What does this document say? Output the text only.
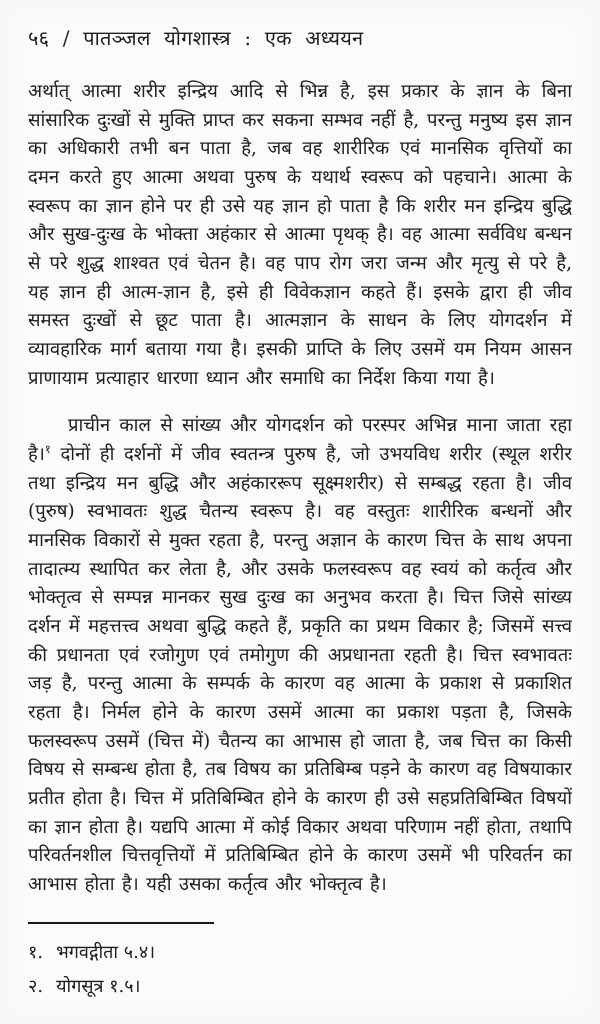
५६ / पातञ्जल योगशास्त्र : एक अध्ययन

अर्थात् आत्मा शरीर इन्द्रिय आदि से भिन्न है, इस प्रकार के ज्ञान के बिना सांसारिक दुःखों से मुक्ति प्राप्त कर सकना सम्भव नहीं है, परन्तु मनुष्य इस ज्ञान का अधिकारी तभी बन पाता है, जब वह शारीरिक एवं मानसिक वृत्तियों का दमन करते हुए आत्मा अथवा पुरुष के यथार्थ स्वरूप को पहचाने। आत्मा के स्वरूप का ज्ञान होने पर ही उसे यह ज्ञान हो पाता है कि शरीर मन इन्द्रिय बुद्धि और सुख-दुःख के भोक्ता अहंकार से आत्मा पृथक् है। वह आत्मा सर्वविध बन्धन से परे शुद्ध शाश्वत एवं चेतन है। वह पाप रोग जरा जन्म और मृत्यु से परे है, यह ज्ञान ही आत्म-ज्ञान है, इसे ही विवेकज्ञान कहते हैं। इसके द्वारा ही जीव समस्त दुःखों से छूट पाता है। आत्मज्ञान के साधन के लिए योगदर्शन में व्यावहारिक मार्ग बताया गया है। इसकी प्राप्ति के लिए उसमें यम नियम आसन प्राणायाम प्रत्याहार धारणा ध्यान और समाधि का निर्देश किया गया है।

प्राचीन काल से सांख्य और योगदर्शन को परस्पर अभिन्न माना जाता रहा है।$^१$ दोनों ही दर्शनों में जीव स्वतन्त्र पुरुष है, जो उभयविध शरीर (स्थूल शरीर तथा इन्द्रिय मन बुद्धि और अहंकाररूप सूक्ष्मशरीर) से सम्बद्ध रहता है। जीव (पुरुष) स्वभावतः शुद्ध चैतन्य स्वरूप है। वह वस्तुतः शारीरिक बन्धनों और मानसिक विकारों से मुक्त रहता है, परन्तु अज्ञान के कारण चित्त के साथ अपना तादात्म्य स्थापित कर लेता है, और उसके फलस्वरूप वह स्वयं को कर्तृत्व और भोक्तृत्व से सम्पन्न मानकर सुख दुःख का अनुभव करता है। चित्त जिसे सांख्य दर्शन में महत्तत्त्व अथवा बुद्धि कहते हैं, प्रकृति का प्रथम विकार है; जिसमें सत्त्व की प्रधानता एवं रजोगुण एवं तमोगुण की अप्रधानता रहती है। चित्त स्वभावतः जड़ है, परन्तु आत्मा के सम्पर्क के कारण वह आत्मा के प्रकाश से प्रकाशित रहता है। निर्मल होने के कारण उसमें आत्मा का प्रकाश पड़ता है, जिसके फलस्वरूप उसमें (चित्त में) चैतन्य का आभास हो जाता है, जब चित्त का किसी विषय से सम्बन्ध होता है, तब विषय का प्रतिबिम्ब पड़ने के कारण वह विषयाकार प्रतीत होता है। चित्त में प्रतिबिम्बित होने के कारण ही उसे सहप्रतिबिम्बित विषयों का ज्ञान होता है। यद्यपि आत्मा में कोई विकार अथवा परिणाम नहीं होता, तथापि परिवर्तनशील चित्तवृत्तियों में प्रतिबिम्बित होने के कारण उसमें भी परिवर्तन का आभास होता है। यही उसका कर्तृत्व और भोक्तृत्व है।

१. भगवद्गीता ५.४।
२. योगसूत्र १.५।
